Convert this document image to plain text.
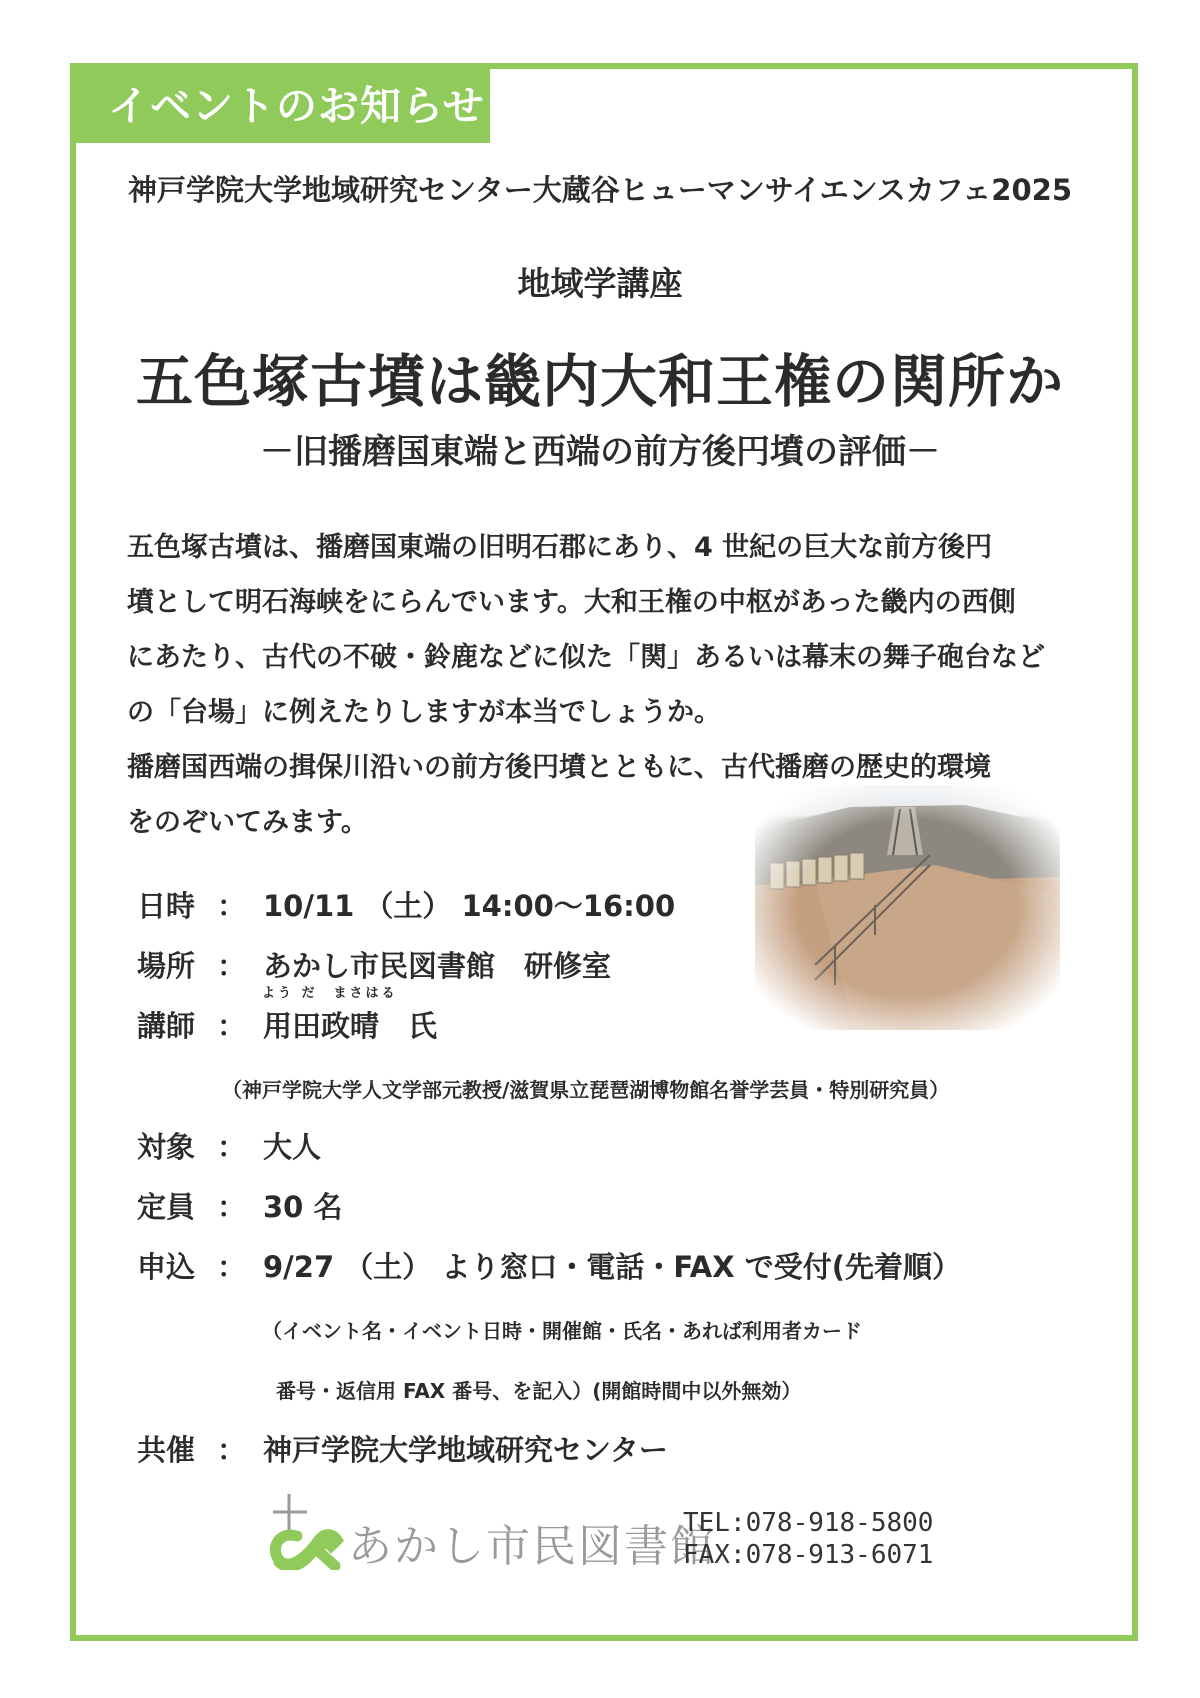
イベントのお知らせ
神戸学院大学地域研究センター大蔵谷ヒューマンサイエンスカフェ2025
地域学講座
五色塚古墳は畿内大和王権の関所か
－旧播磨国東端と西端の前方後円墳の評価－

五色塚古墳は、播磨国東端の旧明石郡にあり、4 世紀の巨大な前方後円
墳として明石海峡をにらんでいます。大和王権の中枢があった畿内の西側
にあたり、古代の不破・鈴鹿などに似た「関」あるいは幕末の舞子砲台など
の「台場」に例えたりしますが本当でしょうか。
播磨国西端の揖保川沿いの前方後円墳とともに、古代播磨の歴史的環境
をのぞいてみます。

日時 ： 10/11 （土） 14:00～16:00
場所 ： あかし市民図書館　研修室
よう だ　まさはる
講師 ： 用田政晴　氏
（神戸学院大学人文学部元教授/滋賀県立琵琶湖博物館名誉学芸員・特別研究員）
対象 ： 大人
定員 ： 30 名
申込 ： 9/27 （土） より窓口・電話・FAX で受付(先着順）
（イベント名・イベント日時・開催館・氏名・あれば利用者カード
番号・返信用 FAX 番号、を記入）(開館時間中以外無効）
共催 ： 神戸学院大学地域研究センター
あかし市民図書館
TEL:078-918-5800
FAX:078-913-6071
